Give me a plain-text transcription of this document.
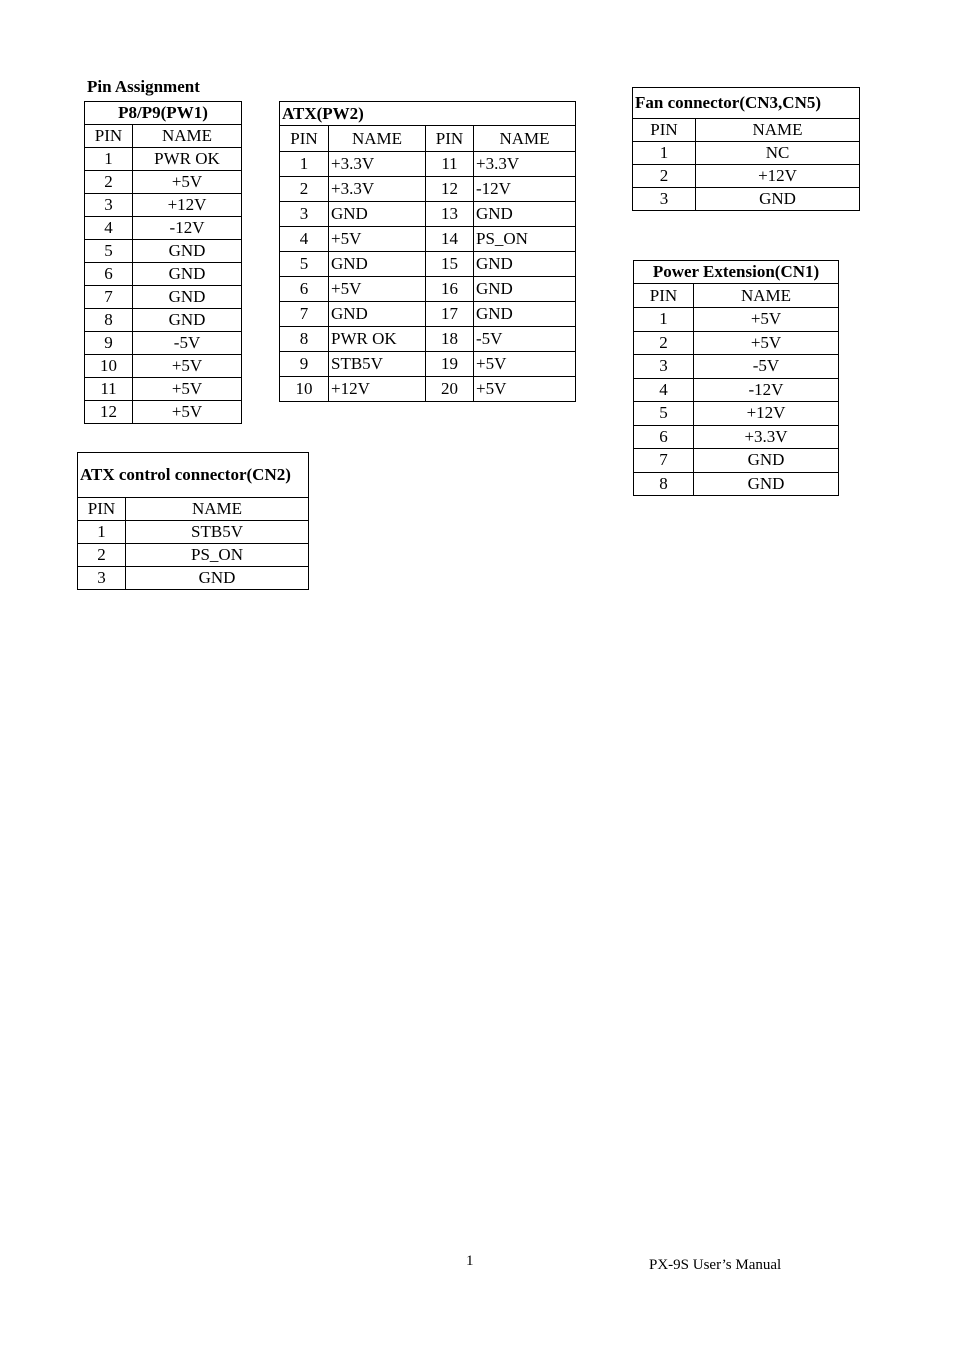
Pin Assignment
P8/P9(PW1)	
PIN	NAME
1	PWR OK
2	+5V
3	+12V
4	-12V
5	GND
6	GND
7	GND
8	GND
9	-5V
10	+5V
11	+5V
12	+5V
ATX(PW2)			
PIN	NAME	PIN	NAME
1	+3.3V	11	+3.3V
2	+3.3V	12	-12V
3	GND	13	GND
4	+5V	14	PS_ON
5	GND	15	GND
6	+5V	16	GND
7	GND	17	GND
8	PWR OK	18	-5V
9	STB5V	19	+5V
10	+12V	20	+5V
ATX control connector(CN2)	
PIN	NAME
1	STB5V
2	PS_ON
3	GND
Fan connector(CN3,CN5)	
PIN	NAME
1	NC
2	+12V
3	GND
Power Extension(CN1)	
PIN	NAME
1	+5V
2	+5V
3	-5V
4	-12V
5	+12V
6	+3.3V
7	GND
8	GND
1	PX-9S User’s Manual
